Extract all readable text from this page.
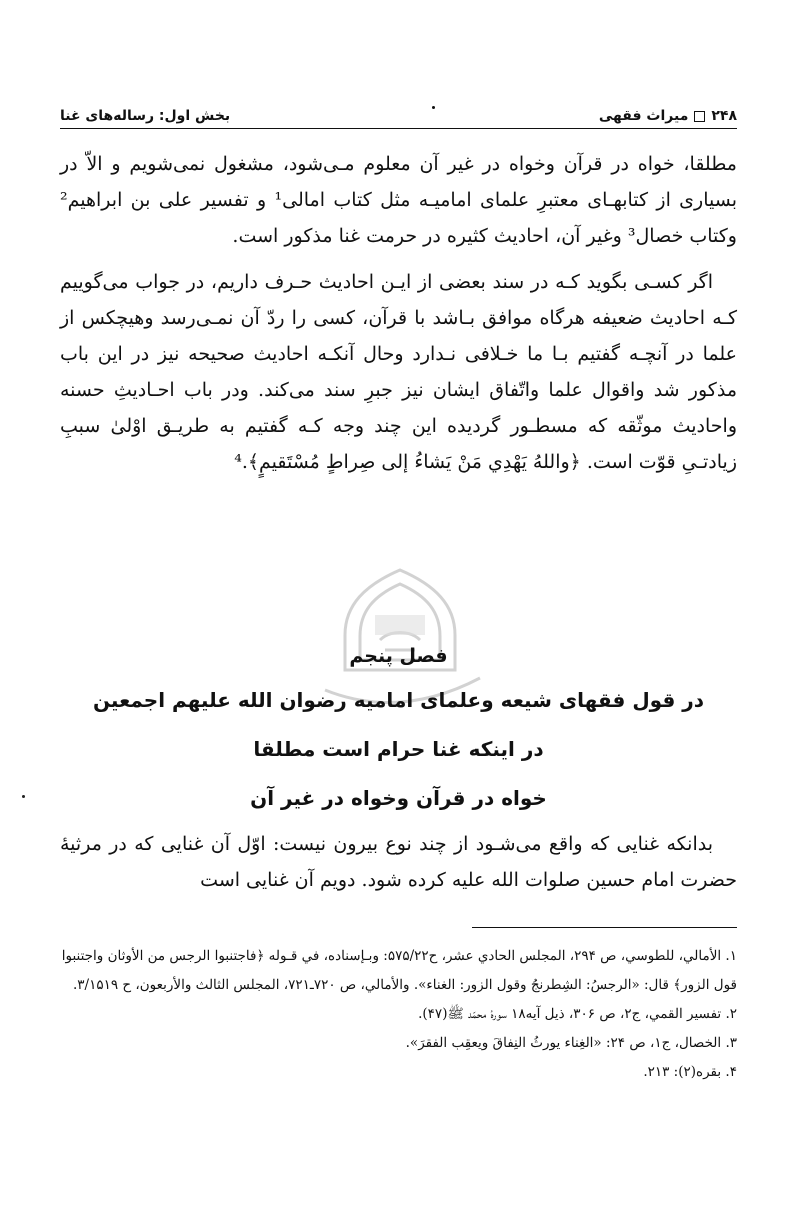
۲۴۸
میراث فقهی
بخش اول: رساله‌های غنا

مطلقا، خواه در قرآن وخواه در غیر آن معلوم مـی‌شود، مشغول نمی‌شویم و الاّ در بسیاری از کتابهـای معتبرِ علمای امامیـه مثل کتاب امالی¹ و تفسیر علی بن ابراهیم² وکتاب خصال³ وغیر آن، احادیث کثیره در حرمت غنا مذکور است.

اگر کسـی بگوید کـه در سند بعضی از ایـن احادیث حـرف داریم، در جواب می‌گوییم کـه احادیث ضعیفه هرگاه موافق بـاشد با قرآن، کسی را ردّ آن نمـی‌رسد وهیچکس از علما در آنچـه گفتیم بـا ما خـلافی نـدارد وحال آنکـه احادیث صحیحه نیز در این باب مذکور شد واقوال علما واتّفاق ایشان نیز جبرِ سند می‌کند. ودر باب احـادیثِ حسنه واحادیث موثّقه که مسطـور گردیده این چند وجه کـه گفتیم به طریـق اوْلیٰ سببِ زیادتـیِ قوّت است. ﴿واللهُ يَهْدِي مَنْ يَشاءُ إلى صِراطٍ مُسْتَقيمٍ﴾.⁴

فصل پنجم
در قول فقهای شیعه وعلمای امامیه رضوان الله علیهم اجمعین
در اینکه غنا حرام است مطلقا
خواه در قرآن وخواه در غیر آن

بدانکه غنایی که واقع می‌شـود از چند نوع بیرون نیست: اوّل آن غنایی که در مرثیهٔ حضرت امام حسین صلوات الله علیه کرده شود. دویم آن غنایی است

۱. الأمالي، للطوسي، ص ۲۹۴، المجلس الحادي عشر، ح۵۷۵/۲۲: وبـإسناده، في قـوله ﴿فاجتنبوا الرجس من الأوثان واجتنبوا قول الزور﴾ قال: «الرجسُ: الشِطرنجُ وقول الزور: الغناء». والأمالي، ص ۷۲۰ـ۷۲۱، المجلس الثالث والأربعون، ح ۳/۱۵۱۹.

۲. تفسیر القمي، ج۲، ص ۳۰۶، ذیل آیه۱۸ سورهٔ محمّد ﷺ(۴۷).

۳. الخصال، ج۱، ص ۲۴: «الغِناء یورثُ النِفاقَ ویعقِب الفقرَ».

۴. بقره(۲): ۲۱۳.
